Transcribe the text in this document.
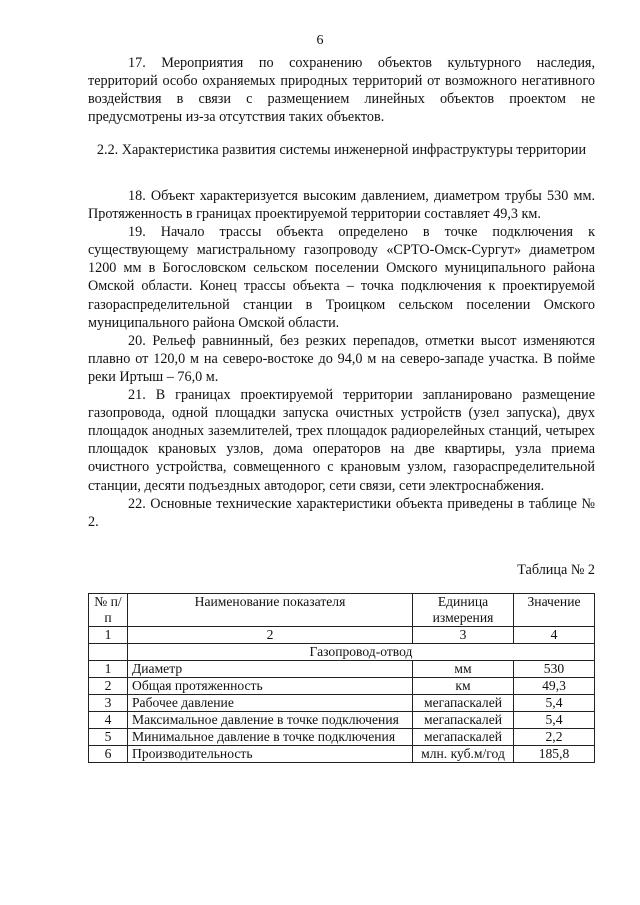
6

17. Мероприятия по сохранению объектов культурного наследия, территорий особо охраняемых природных территорий от возможного негативного воздействия в связи с размещением линейных объектов проектом не предусмотрены из-за отсутствия таких объектов.

2.2. Характеристика развития системы инженерной инфраструктуры территории

18. Объект характеризуется высоким давлением, диаметром трубы 530 мм. Протяженность в границах проектируемой территории составляет 49,3 км.

19. Начало трассы объекта определено в точке подключения к существующему магистральному газопроводу «СРТО-Омск-Сургут» диаметром 1200 мм в Богословском сельском поселении Омского муниципального района Омской области. Конец трассы объекта – точка подключения к проектируемой газораспределительной станции в Троицком сельском поселении Омского муниципального района Омской области.

20. Рельеф равнинный, без резких перепадов, отметки высот изменяются плавно от 120,0 м на северо-востоке до 94,0 м на северо-западе участка. В пойме реки Иртыш – 76,0 м.

21. В границах проектируемой территории запланировано размещение газопровода, одной площадки запуска очистных устройств (узел запуска), двух площадок анодных заземлителей, трех площадок радиорелейных станций, четырех площадок крановых узлов, дома операторов на две квартиры, узла приема очистного устройства, совмещенного с крановым узлом, газораспределительной станции, десяти подъездных автодорог, сети связи, сети электроснабжения.

22. Основные технические характеристики объекта приведены в таблице № 2.

Таблица № 2
№ п/п	Наименование показателя	Единица измерения	Значение
1	2	3	4
	Газопровод-отвод		
1	Диаметр	мм	530
2	Общая протяженность	км	49,3
3	Рабочее давление	мегапаскалей	5,4
4	Максимальное давление в точке подключения	мегапаскалей	5,4
5	Минимальное давление в точке подключения	мегапаскалей	2,2
6	Производительность	млн. куб.м/год	185,8
